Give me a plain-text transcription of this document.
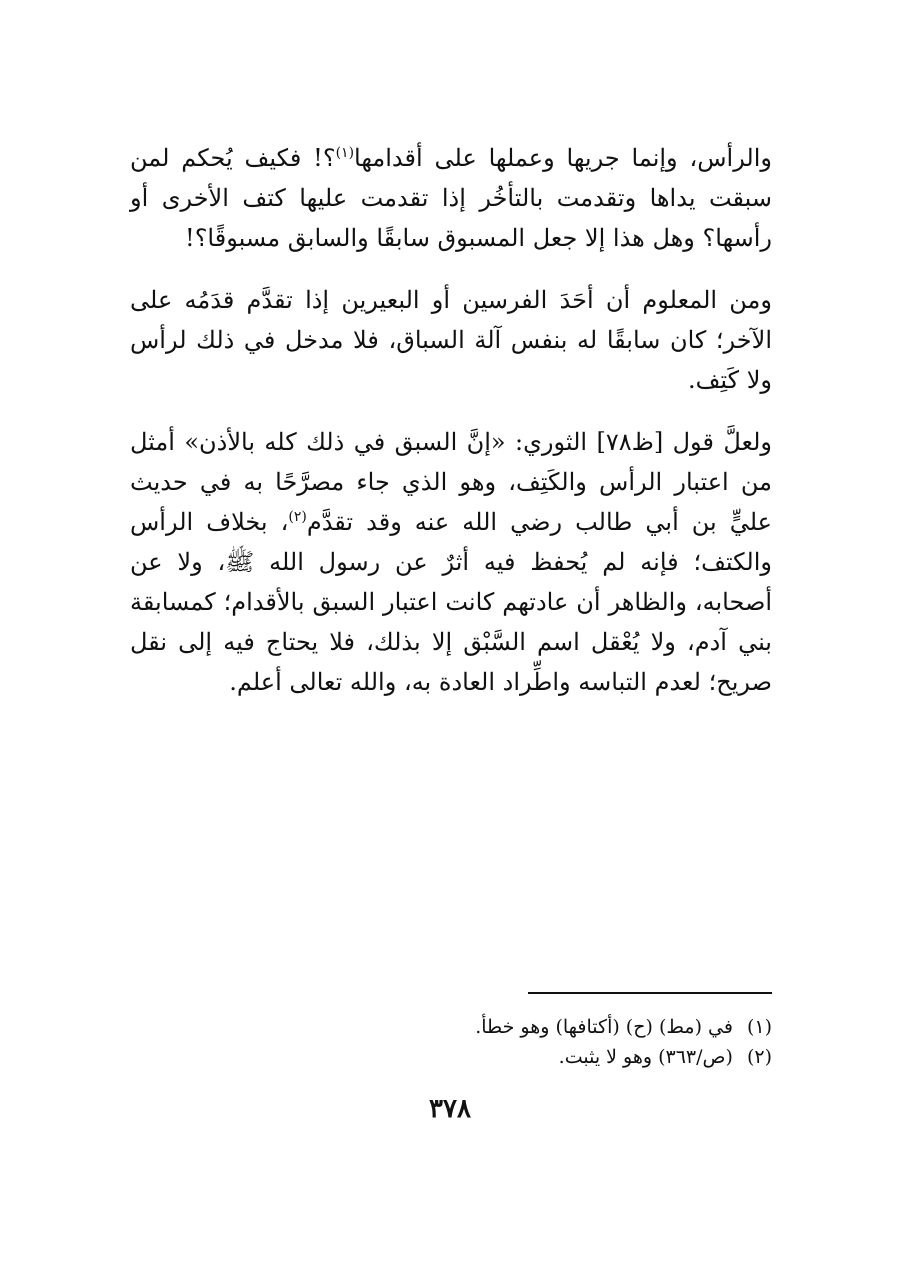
والرأس، وإنما جريها وعملها على أقدامها$^{(١)}$؟! فكيف يُحكم لمن سبقت يداها وتقدمت بالتأخُر إذا تقدمت عليها كتف الأخرى أو رأسها؟ وهل هذا إلا جعل المسبوق سابقًا والسابق مسبوقًا؟!

ومن المعلوم أن أحَدَ الفرسين أو البعيرين إذا تقدَّم قدَمُه على الآخر؛ كان سابقًا له بنفس آلة السباق، فلا مدخل في ذلك لرأس ولا كَتِف.

ولعلَّ قول [ظ٧٨] الثوري: «إنَّ السبق في ذلك كله بالأذن» أمثل من اعتبار الرأس والكَتِف، وهو الذي جاء مصرَّحًا به في حديث عليٍّ بن أبي طالب رضي الله عنه وقد تقدَّم$^{(٢)}$، بخلاف الرأس والكتف؛ فإنه لم يُحفظ فيه أثرٌ عن رسول الله ﷺ، ولا عن أصحابه، والظاهر أن عادتهم كانت اعتبار السبق بالأقدام؛ كمسابقة بني آدم، ولا يُعْقل اسم السَّبْق إلا بذلك، فلا يحتاج فيه إلى نقل صريح؛ لعدم التباسه واطِّراد العادة به، والله تعالى أعلم.

(١)
في (مط) (ح) (أكتافها) وهو خطأ.
(٢)
(ص/٣٦٣) وهو لا يثبت.
٣٧٨
